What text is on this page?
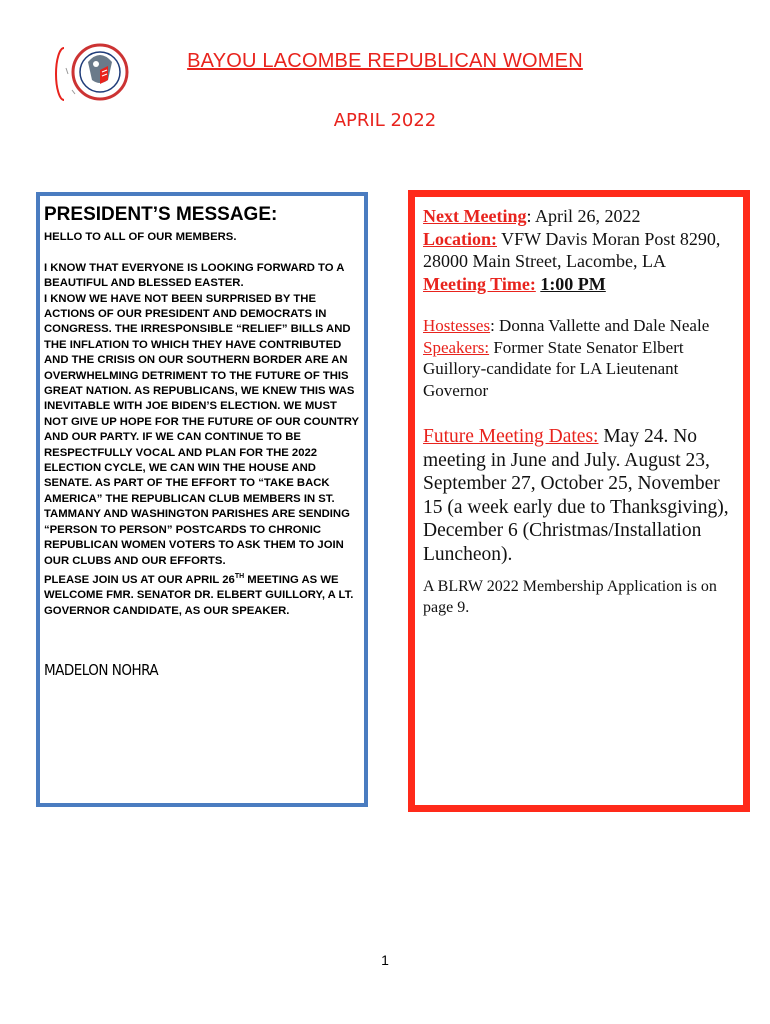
BAYOU LACOMBE REPUBLICAN WOMEN
APRIL 2022
PRESIDENT’S MESSAGE:

HELLO TO ALL OF OUR MEMBERS.

I KNOW THAT EVERYONE IS LOOKING FORWARD TO A BEAUTIFUL AND BLESSED EASTER.

I KNOW WE HAVE NOT BEEN SURPRISED BY THE ACTIONS OF OUR PRESIDENT AND DEMOCRATS IN CONGRESS. THE IRRESPONSIBLE “RELIEF” BILLS AND THE INFLATION TO WHICH THEY HAVE CONTRIBUTED AND THE CRISIS ON OUR SOUTHERN BORDER ARE AN OVERWHELMING DETRIMENT TO THE FUTURE OF THIS GREAT NATION. AS REPUBLICANS, WE KNEW THIS WAS INEVITABLE WITH JOE BIDEN’S ELECTION. WE MUST NOT GIVE UP HOPE FOR THE FUTURE OF OUR COUNTRY AND OUR PARTY. IF WE CAN CONTINUE TO BE RESPECTFULLY VOCAL AND PLAN FOR THE 2022 ELECTION CYCLE, WE CAN WIN THE HOUSE AND SENATE. AS PART OF THE EFFORT TO “TAKE BACK AMERICA” THE REPUBLICAN CLUB MEMBERS IN ST. TAMMANY AND WASHINGTON PARISHES ARE SENDING “PERSON TO PERSON” POSTCARDS TO CHRONIC REPUBLICAN WOMEN VOTERS TO ASK THEM TO JOIN OUR CLUBS AND OUR EFFORTS.

PLEASE JOIN US AT OUR APRIL 26TH MEETING AS WE WELCOME FMR. SENATOR DR. ELBERT GUILLORY, A LT. GOVERNOR CANDIDATE, AS OUR SPEAKER.

MADELON NOHRA

Next Meeting: April 26, 2022
Location: VFW Davis Moran Post 8290, 28000 Main Street, Lacombe, LA
Meeting Time: 1:00 PM

Hostesses: Donna Vallette and Dale Neale
Speakers: Former State Senator Elbert Guillory-candidate for LA Lieutenant Governor

Future Meeting Dates: May 24. No meeting in June and July. August 23, September 27, October 25, November 15 (a week early due to Thanksgiving), December 6 (Christmas/Installation Luncheon).

A BLRW 2022 Membership Application is on page 9.

1
